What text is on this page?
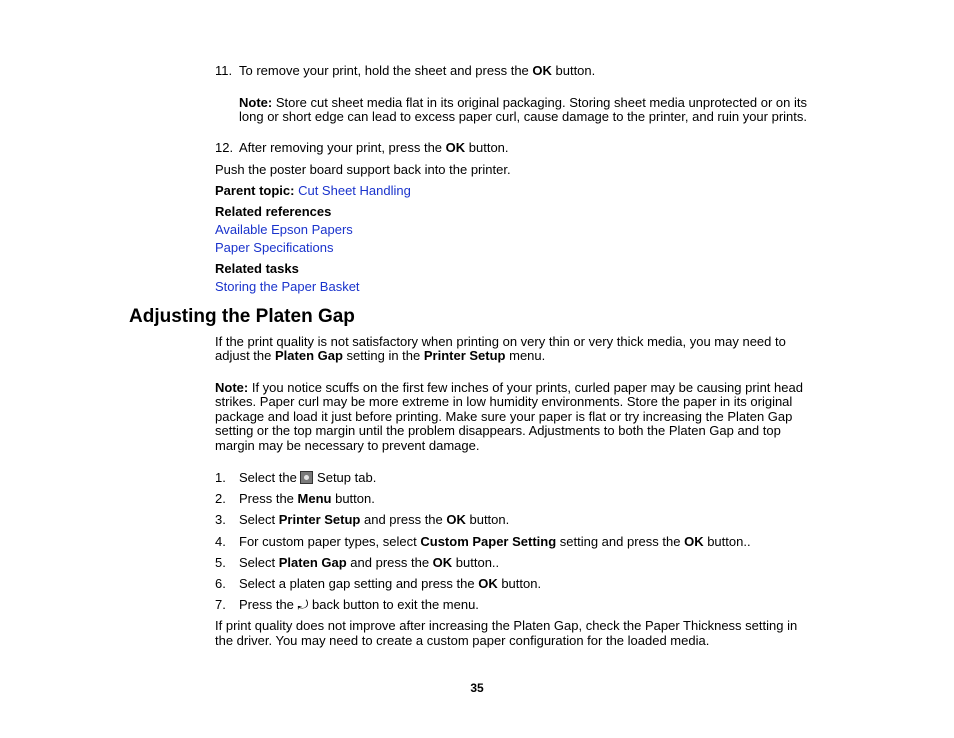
11. To remove your print, hold the sheet and press the OK button.
Note: Store cut sheet media flat in its original packaging. Storing sheet media unprotected or on its
long or short edge can lead to excess paper curl, cause damage to the printer, and ruin your prints.
12. After removing your print, press the OK button.
Push the poster board support back into the printer.
Parent topic: Cut Sheet Handling
Related references
Available Epson Papers
Paper Specifications
Related tasks
Storing the Paper Basket
Adjusting the Platen Gap
If the print quality is not satisfactory when printing on very thin or very thick media, you may need to
adjust the Platen Gap setting in the Printer Setup menu.
Note: If you notice scuffs on the first few inches of your prints, curled paper may be causing print head
strikes. Paper curl may be more extreme in low humidity environments. Store the paper in its original
package and load it just before printing. Make sure your paper is flat or try increasing the Platen Gap
setting or the top margin until the problem disappears. Adjustments to both the Platen Gap and top
margin may be necessary to prevent damage.
1. Select the  Setup tab.
2. Press the Menu button.
3. Select Printer Setup and press the OK button.
4. For custom paper types, select Custom Paper Setting setting and press the OK button..
5. Select Platen Gap and press the OK button..
6. Select a platen gap setting and press the OK button.
7. Press the ⤾ back button to exit the menu.
If print quality does not improve after increasing the Platen Gap, check the Paper Thickness setting in
the driver. You may need to create a custom paper configuration for the loaded media.
35
